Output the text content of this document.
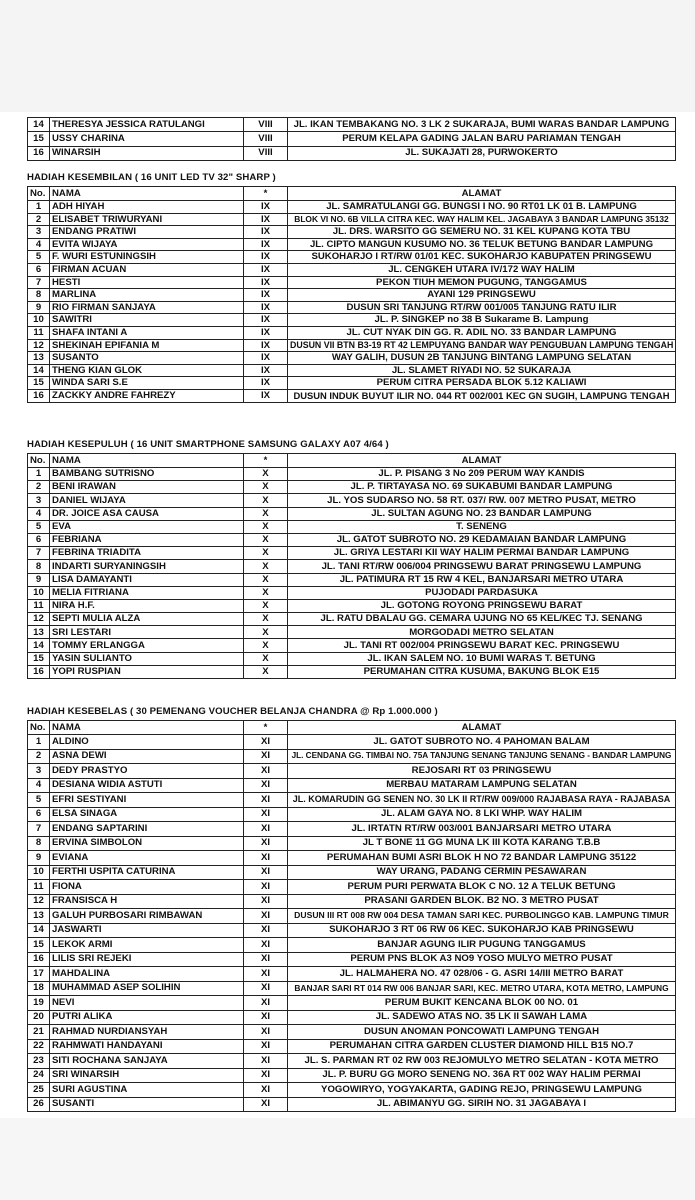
14	THERESYA JESSICA RATULANGI	VIII	JL. IKAN TEMBAKANG NO. 3 LK 2 SUKARAJA, BUMI WARAS BANDAR LAMPUNG
15	USSY CHARINA	VIII	PERUM KELAPA GADING JALAN BARU PARIAMAN TENGAH
16	WINARSIH	VIII	JL. SUKAJATI 28, PURWOKERTO
HADIAH KESEMBILAN ( 16 UNIT LED TV 32" SHARP )
No.	NAMA	*	ALAMAT
1	ADH HIYAH	IX	JL. SAMRATULANGI GG. BUNGSI I NO. 90 RT01 LK 01 B. LAMPUNG
2	ELISABET TRIWURYANI	IX	BLOK VI NO. 6B VILLA CITRA KEC. WAY HALIM KEL. JAGABAYA 3 BANDAR LAMPUNG 35132
3	ENDANG PRATIWI	IX	JL. DRS. WARSITO GG SEMERU NO. 31 KEL KUPANG KOTA TBU
4	EVITA WIJAYA	IX	JL. CIPTO MANGUN KUSUMO NO. 36 TELUK BETUNG BANDAR LAMPUNG
5	F. WURI ESTUNINGSIH	IX	SUKOHARJO I RT/RW 01/01 KEC. SUKOHARJO KABUPATEN PRINGSEWU
6	FIRMAN ACUAN	IX	JL. CENGKEH UTARA IV/172 WAY HALIM
7	HESTI	IX	PEKON TIUH MEMON PUGUNG, TANGGAMUS
8	MARLINA	IX	AYANI 129 PRINGSEWU
9	RIO FIRMAN SANJAYA	IX	DUSUN SRI TANJUNG RT/RW 001/005 TANJUNG RATU ILIR
10	SAWITRI	IX	JL. P. SINGKEP no 38 B Sukarame B. Lampung
11	SHAFA INTANI A	IX	JL. CUT NYAK DIN GG. R. ADIL NO. 33 BANDAR LAMPUNG
12	SHEKINAH EPIFANIA M	IX	DUSUN VII BTN B3-19 RT 42 LEMPUYANG BANDAR WAY PENGUBUAN LAMPUNG TENGAH
13	SUSANTO	IX	WAY GALIH, DUSUN 2B TANJUNG BINTANG LAMPUNG SELATAN
14	THENG KIAN GLOK	IX	JL. SLAMET RIYADI NO. 52 SUKARAJA
15	WINDA SARI S.E	IX	PERUM CITRA PERSADA BLOK 5.12 KALIAWI
16	ZACKKY ANDRE FAHREZY	IX	DUSUN INDUK BUYUT ILIR NO. 044 RT 002/001 KEC GN SUGIH, LAMPUNG TENGAH
HADIAH KESEPULUH ( 16 UNIT SMARTPHONE SAMSUNG GALAXY A07 4/64 )
No.	NAMA	*	ALAMAT
1	BAMBANG SUTRISNO	X	JL. P. PISANG 3 No 209 PERUM WAY KANDIS
2	BENI IRAWAN	X	JL. P. TIRTAYASA NO. 69 SUKABUMI BANDAR LAMPUNG
3	DANIEL WIJAYA	X	JL. YOS SUDARSO NO. 58 RT. 037/ RW. 007 METRO PUSAT, METRO
4	DR. JOICE ASA CAUSA	X	JL. SULTAN AGUNG NO. 23 BANDAR LAMPUNG
5	EVA	X	T. SENENG
6	FEBRIANA	X	JL. GATOT SUBROTO NO. 29 KEDAMAIAN BANDAR LAMPUNG
7	FEBRINA TRIADITA	X	JL. GRIYA LESTARI KII WAY HALIM PERMAI BANDAR LAMPUNG
8	INDARTI SURYANINGSIH	X	JL. TANI RT/RW 006/004 PRINGSEWU BARAT PRINGSEWU LAMPUNG
9	LISA DAMAYANTI	X	JL. PATIMURA RT 15 RW 4 KEL, BANJARSARI METRO UTARA
10	MELIA FITRIANA	X	PUJODADI PARDASUKA
11	NIRA H.F.	X	JL. GOTONG ROYONG PRINGSEWU BARAT
12	SEPTI MULIA ALZA	X	JL. RATU DBALAU GG. CEMARA UJUNG NO 65 KEL/KEC TJ. SENANG
13	SRI LESTARI	X	MORGODADI METRO SELATAN
14	TOMMY ERLANGGA	X	JL. TANI RT 002/004 PRINGSEWU BARAT KEC. PRINGSEWU
15	YASIN SULIANTO	X	JL. IKAN SALEM NO. 10 BUMI WARAS T. BETUNG
16	YOPI RUSPIAN	X	PERUMAHAN CITRA KUSUMA, BAKUNG BLOK E15
HADIAH KESEBELAS ( 30 PEMENANG VOUCHER BELANJA CHANDRA @ Rp 1.000.000 )
No.	NAMA	*	ALAMAT
1	ALDINO	XI	JL. GATOT SUBROTO NO. 4 PAHOMAN BALAM
2	ASNA DEWI	XI	JL. CENDANA GG. TIMBAI NO. 75A TANJUNG SENANG TANJUNG SENANG - BANDAR LAMPUNG
3	DEDY PRASTYO	XI	REJOSARI RT 03 PRINGSEWU
4	DESIANA WIDIA ASTUTI	XI	MERBAU MATARAM LAMPUNG SELATAN
5	EFRI SESTIYANI	XI	JL. KOMARUDIN GG SENEN NO. 30 LK II RT/RW 009/000 RAJABASA RAYA - RAJABASA
6	ELSA SINAGA	XI	JL. ALAM GAYA NO. 8 LKI WHP. WAY HALIM
7	ENDANG SAPTARINI	XI	JL. IRTATN RT/RW 003/001 BANJARSARI METRO UTARA
8	ERVINA SIMBOLON	XI	JL T BONE 11 GG MUNA LK III KOTA KARANG T.B.B
9	EVIANA	XI	PERUMAHAN BUMI ASRI BLOK H NO 72 BANDAR LAMPUNG 35122
10	FERTHI USPITA CATURINA	XI	WAY URANG, PADANG CERMIN PESAWARAN
11	FIONA	XI	PERUM PURI PERWATA BLOK C NO. 12 A TELUK BETUNG
12	FRANSISCA H	XI	PRASANI GARDEN BLOK. B2 NO. 3 METRO PUSAT
13	GALUH PURBOSARI RIMBAWAN	XI	DUSUN III RT 008 RW 004 DESA TAMAN SARI KEC. PURBOLINGGO KAB. LAMPUNG TIMUR
14	JASWARTI	XI	SUKOHARJO 3 RT 06 RW 06 KEC. SUKOHARJO KAB PRINGSEWU
15	LEKOK ARMI	XI	BANJAR AGUNG ILIR PUGUNG TANGGAMUS
16	LILIS SRI REJEKI	XI	PERUM PNS BLOK A3 NO9 YOSO MULYO METRO PUSAT
17	MAHDALINA	XI	JL. HALMAHERA NO. 47 028/06 - G. ASRI 14/III METRO BARAT
18	MUHAMMAD ASEP SOLIHIN	XI	BANJAR SARI RT 014 RW 006 BANJAR SARI, KEC. METRO UTARA, KOTA METRO, LAMPUNG
19	NEVI	XI	PERUM BUKIT KENCANA BLOK 00 NO. 01
20	PUTRI ALIKA	XI	JL. SADEWO ATAS NO. 35 LK II SAWAH LAMA
21	RAHMAD NURDIANSYAH	XI	DUSUN ANOMAN PONCOWATI LAMPUNG TENGAH
22	RAHMWATI HANDAYANI	XI	PERUMAHAN CITRA GARDEN CLUSTER DIAMOND HILL B15 NO.7
23	SITI ROCHANA SANJAYA	XI	JL. S. PARMAN RT 02 RW 003 REJOMULYO METRO SELATAN - KOTA METRO
24	SRI WINARSIH	XI	JL. P. BURU GG MORO SENENG NO. 36A RT 002 WAY HALIM PERMAI
25	SURI AGUSTINA	XI	YOGOWIRYO, YOGYAKARTA, GADING REJO, PRINGSEWU LAMPUNG
26	SUSANTI	XI	JL. ABIMANYU GG. SIRIH NO. 31 JAGABAYA I
